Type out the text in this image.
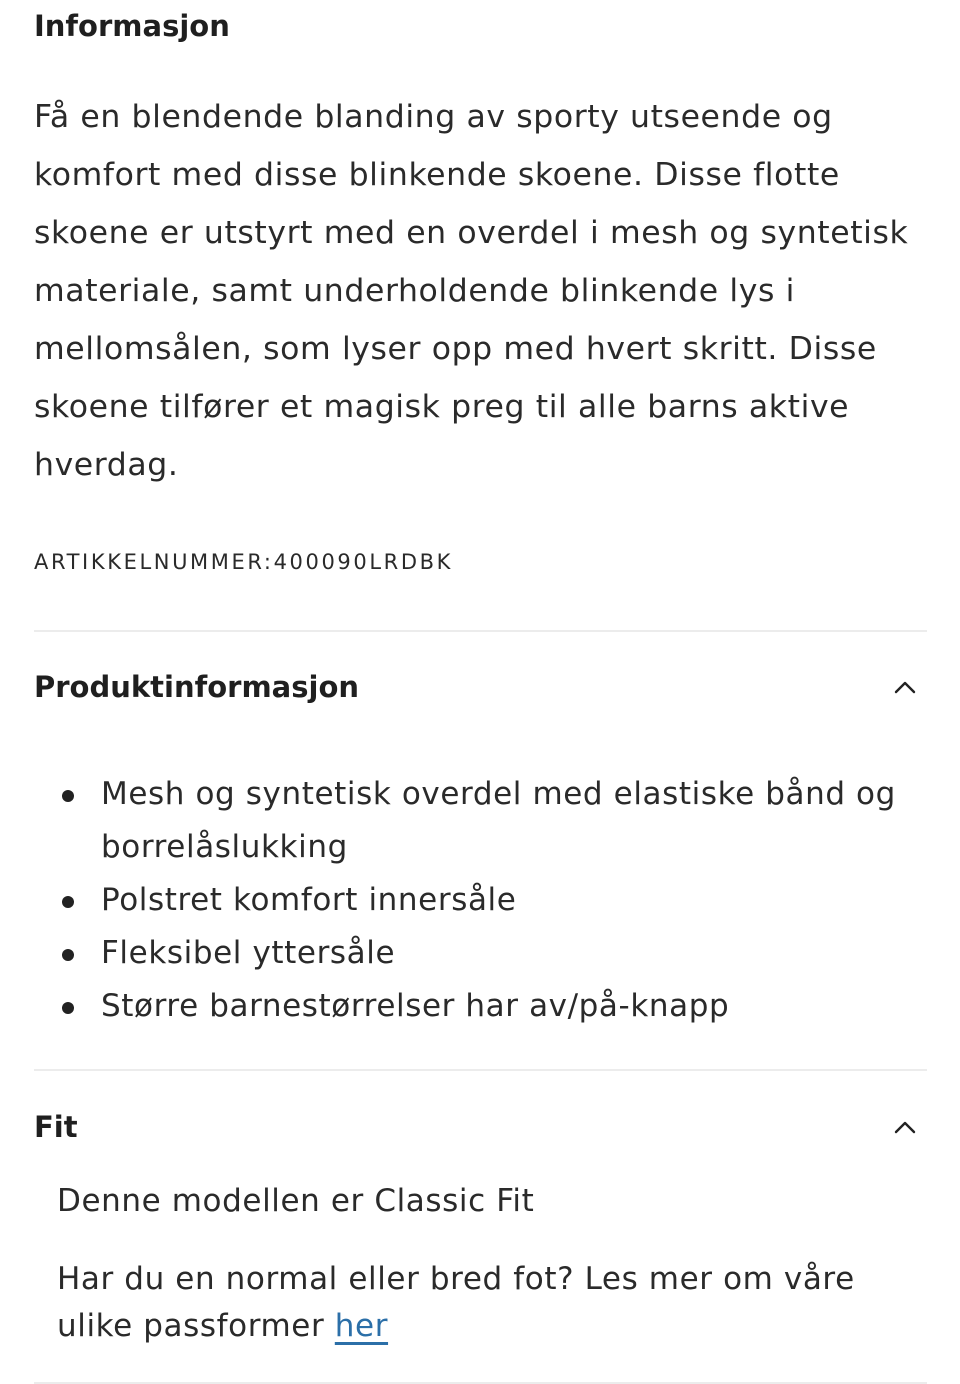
Informasjon

Få en blendende blanding av sporty utseende og komfort med disse blinkende skoene. Disse flotte skoene er utstyrt med en overdel i mesh og syntetisk materiale, samt underholdende blinkende lys i mellomsålen, som lyser opp med hvert skritt. Disse skoene tilfører et magisk preg til alle barns aktive hverdag.

ARTIKKELNUMMER:400090LRDBK
Produktinformasjon
Mesh og syntetisk overdel med elastiske bånd og borrelåslukking
Polstret komfort innersåle
Fleksibel yttersåle
Større barnestørrelser har av/på-knapp
Fit

Denne modellen er Classic Fit

Har du en normal eller bred fot? Les mer om våre ulike passformer her
